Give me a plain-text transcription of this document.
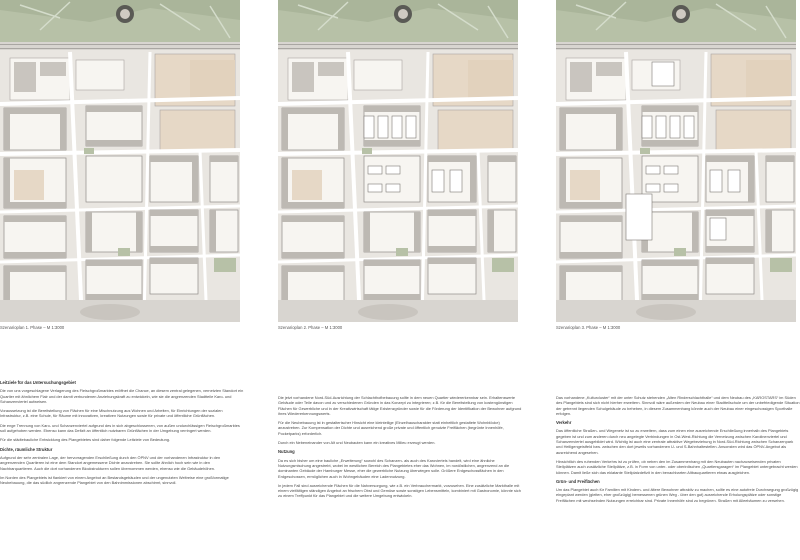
Szenarioplan 1. Phase – M 1:3000	Szenarioplan 2. Phase – M 1:3000	Szenarioplan 3. Phase – M 1:3000
Leitziele für das Untersuchungsgebiet

Die von uns vorgeschlagene Verlagerung des Fleischgroßmarktes eröffnet die Chance, an diesem zentral gelegenen, vernetzten Standort ein Quartier mit ähnlichem Flair und der damit verbundenen Anziehungskraft zu entwickeln, wie sie die angrenzenden Stadtteile Karo- und Schanzenviertel aufweisen.

Voraussetzung ist die Bereitstellung von Flächen für eine Mischnutzung aus Wohnen und Arbeiten, für Einrichtungen der sozialen Infrastruktur, z.B. eine Schule, für Räume mit innovativen, kreativen Nutzungen sowie für private und öffentliche Grünflächen.

Die enge Trennung von Karo- und Schanzenviertel aufgrund des in sich abgeschlossenen, von außen undurchlässigen Fleischgroßmarktes soll aufgehoben werden. Ebenso kann das Defizit an öffentlich nutzbaren Grünflächen in der Umgebung verringert werden.

Für die städtebauliche Entwicklung des Plangebietes sind daher folgende Leitziele von Bedeutung.

Dichte, räumliche Struktur

Aufgrund der sehr zentralen Lage, der hervorragenden Erschließung durch den ÖPNV und der vorhandenen Infrastruktur in den angrenzenden Quartieren ist eine dem Standort angemessene Dichte anzustreben. Sie sollte ähnlich hoch sein wie in den Nachbarquartieren. Auch die dort vorhandenen Blockstrukturen sollen übernommen werden, ebenso wie die Gebäudehöhen.

Im Norden des Plangebiets ist flankiert von einem Angebot an Bestandsgebäuden und der ungenutzten Weltreise eine großformatige Neubebauung, die das südlich angrenzende Plangebiet von den Bahnimmissionen abschirmt, sinnvoll.

Die jetzt vorhandene Nord-Süd-Ausrichtung der Schlachthofbebauung sollte in dem neuen Quartier wiedererkennbar sein. Erhaltenswerte Gebäude oder Teile davon und zu verschiedenen Gründen in das Konzept zu integrieren; z.B. für die Bereitstellung von kostengünstigen Flächen für Gewerbliche und in der Kreativwirtschaft tätige Existenzgründer sowie für die Förderung der Identifikation der Bewohner aufgrund ihres Wiedererkennungswerts.

Für die Neubebauung ist in gestalterischer Hinsicht eine kleinteilige (Einzelhauscharakter statt einheitlich gestaltete Wohnblöcke) anzustreben. Zur Kompensation der Dichte und ausreichend große private und öffentlich genutzte Freiflächen (begrünte Innenhöfe, Pocketparks) erforderlich.

Durch ein Nebeneinander von Alt und Neubauten kann ein kreatives Milieu erzeugt werden.

Nutzung

Da es sich bisher um eine bauliche „Erweiterung“ sowohl des Schanzen- als auch des Karoviertels handelt, wird eine ähnliche Nutzungsmischung angestrebt, wobei im westlichen Bereich des Plangebietes eher das Wohnen, im nordöstlichen, angrenzend an die dominanten Gebäude der Hamburger Messe, eher die gewerbliche Nutzung überwiegen solle. Größere Erdgeschossflächen in den Erdgeschossen, ermöglichen auch in Wohngebäuden eine Ladennutzung.

In jedem Fall sind ausreichende Flächen für die Nahversorgung, wie z.B. ein Verbrauchermarkt, vorzusehen. Eine zusätzliche Markthalle mit einem vielfältigen ständigen Angebot an frischem Obst und Gemüse sowie sonstigen Lebensmitteln, kombiniert mit Gastronomie, könnte sich zu einem Treffpunkt für das Plangebiet und die weitere Umgebung entwickeln.

Das vorhandene „Kulturcluster“ mit der unter Schutz stehenden „Alten Rinderschlachthalle“ und dem Neubau des „KAROSTARS“ im Süden des Plangebiets sind sich nicht hierher erweitern. Sinnvoll wäre außerdem der Neubau einer Stadtteilschule um der unbefriedigende Situation der getrennt liegenden Schulgebäude zu beheben, in diesem Zusammenhang könnte auch der Neubau einer eingeschossigen Sporthalle erfolgen.

Verkehr

Das öffentliche Straßen- und Wegenetz ist so zu erweitern, dass zum einen eine ausreichende Erschließung innerhalb des Plangebiets gegeben ist und zum anderen durch neu angelegte Verbindungen in Ost-West-Richtung die Vernetzung zwischen Karolinenviertel und Schanzenviertel ausgebildet wird. Wichtig ist auch eine zentrale attraktive Wegebeziehung in Nord-Süd-Richtung zwischen Schanzenpark und Heiligengeistfeld bzw. zwischen den dort jeweils vorhandenen U- und S-Bahnhaltestellen. Ansonsten wird das ÖPNV-Angebot als ausreichend angesehen.

Hinsichtlich des ruhenden Verkehrs ist zu prüfen, ob neben den im Zusammenhang mit den Neubauten nachzuweisenden privaten Stellplätzen auch zusätzliche Stellplätze, z.B. in Form von unter- oder oberirdischen „Quartiersgaragen“ im Plangebiet untergebracht werden können. Damit ließe sich das eklatante Stellplatzdefizit in den benachbarten Altbauquartieren etwas ausgleichen.

Grün- und Freiflächen

Um das Plangebiet auch für Familien mit Kindern- und ältere Bewohner attraktiv zu machen, sollte es eine autofreie Durchwegung großzügig eingeplant werden (gleiten, eher großzügig) bemessenen grünen Weg - über den gut) ausreichende Erholungsplätze oder sonstige Freiflächen mit wechselnden Nutzungen erreichbar sind. Private Innenhöfe sind zu begrünen. Straßen mit Alleebäumen zu versehen.
